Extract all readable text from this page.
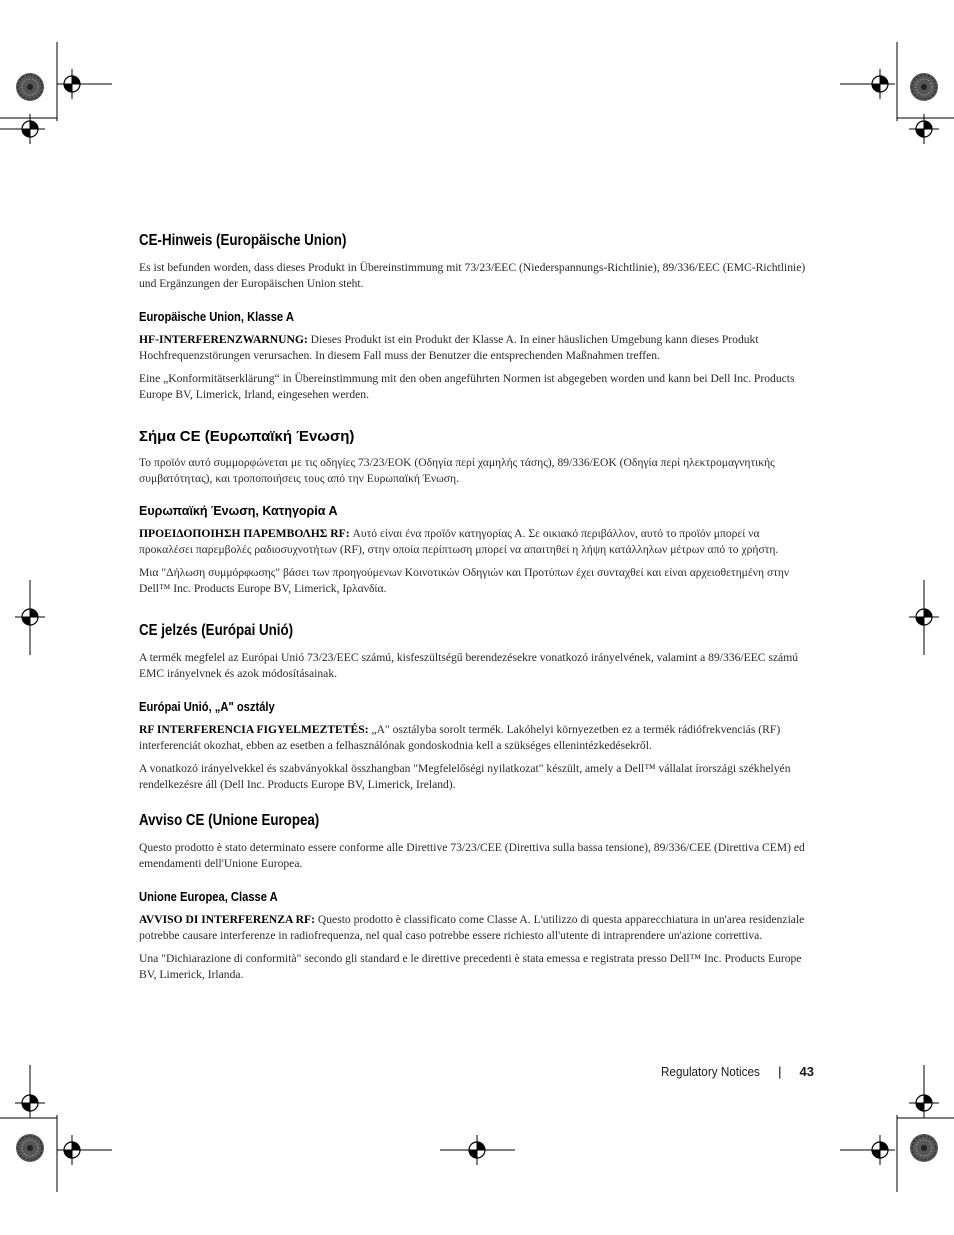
CE-Hinweis (Europäische Union)

Es ist befunden worden, dass dieses Produkt in Übereinstimmung mit 73/23/EEC (Niederspannungs-Richtlinie), 89/336/EEC (EMC-Richtlinie) und Ergänzungen der Europäischen Union steht.

Europäische Union, Klasse A

HF-INTERFERENZWARNUNG: Dieses Produkt ist ein Produkt der Klasse A. In einer häuslichen Umgebung kann dieses Produkt Hochfrequenzstörungen verursachen. In diesem Fall muss der Benutzer die entsprechenden Maßnahmen treffen.

Eine „Konformitätserklärung“ in Übereinstimmung mit den oben angeführten Normen ist abgegeben worden und kann bei Dell Inc. Products Europe BV, Limerick, Irland, eingesehen werden.

Σήμα CE (Ευρωπαϊκή Ένωση)

Το προϊόν αυτό συμμορφώνεται με τις οδηγίες 73/23/ΕΟΚ (Οδηγία περί χαμηλής τάσης), 89/336/ΕΟΚ (Οδηγία περί ηλεκτρομαγνητικής συμβατότητας), και τροποποιήσεις τους από την Ευρωπαϊκή Ένωση.

Ευρωπαϊκή Ένωση, Κατηγορία Α

ΠΡΟΕΙΔΟΠΟΙΗΣΗ ΠΑΡΕΜΒΟΛΗΣ RF: Αυτό είναι ένα προϊόν κατηγορίας Α. Σε οικιακό περιβάλλον, αυτό το προϊόν μπορεί να προκαλέσει παρεμβολές ραδιοσυχνοτήτων (RF), στην οποία περίπτωση μπορεί να απαιτηθεί η λήψη κατάλληλων μέτρων από το χρήστη.

Μια "Δήλωση συμμόρφωσης" βάσει των προηγούμενων Κοινοτικών Οδηγιών και Προτύπων έχει συνταχθεί και είναι αρχειοθετημένη στην Dell™ Inc. Products Europe BV, Limerick, Ιρλανδία.

CE jelzés (Európai Unió)

A termék megfelel az Európai Unió 73/23/EEC számú, kisfeszültségű berendezésekre vonatkozó irányelvének, valamint a 89/336/EEC számú EMC irányelvnek és azok módosításainak.

Európai Unió, „A" osztály

RF INTERFERENCIA FIGYELMEZTETÉS: „A" osztályba sorolt termék. Lakóhelyi környezetben ez a termék rádiófrekvenciás (RF) interferenciát okozhat, ebben az esetben a felhasználónak gondoskodnia kell a szükséges ellenintézkedésekről.

A vonatkozó irányelvekkel és szabványokkal összhangban "Megfelelőségi nyilatkozat" készült, amely a Dell™ vállalat írországi székhelyén rendelkezésre áll (Dell Inc. Products Europe BV, Limerick, Ireland).

Avviso CE (Unione Europea)

Questo prodotto è stato determinato essere conforme alle Direttive 73/23/CEE (Direttiva sulla bassa tensione), 89/336/CEE (Direttiva CEM) ed emendamenti dell'Unione Europea.

Unione Europea, Classe A

AVVISO DI INTERFERENZA RF: Questo prodotto è classificato come Classe A. L'utilizzo di questa apparecchiatura in un'area residenziale potrebbe causare interferenze in radiofrequenza, nel qual caso potrebbe essere richiesto all'utente di intraprendere un'azione correttiva.

Una "Dichiarazione di conformità" secondo gli standard e le direttive precedenti è stata emessa e registrata presso Dell™ Inc. Products Europe BV, Limerick, Irlanda.

Regulatory Notices | 43
